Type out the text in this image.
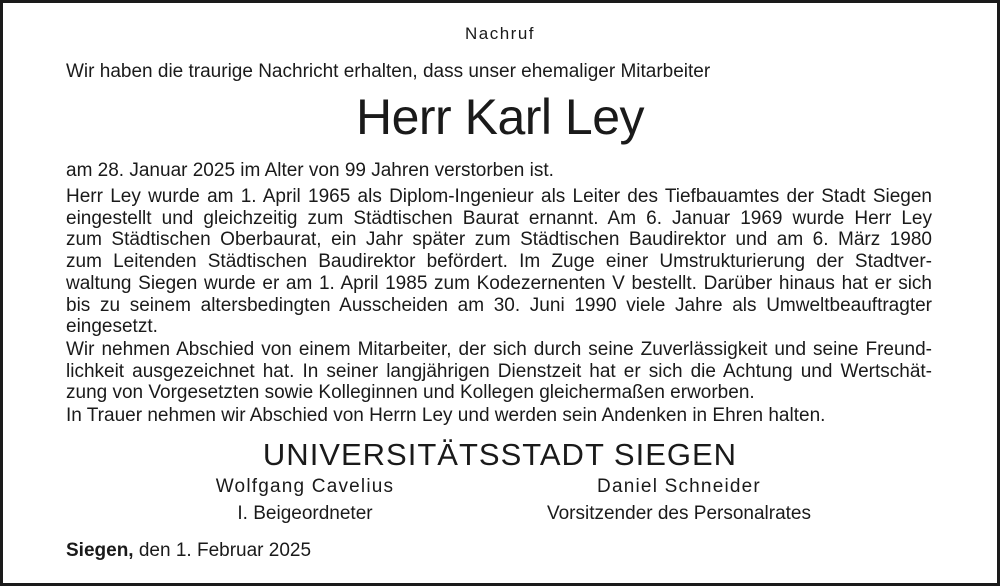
Nachruf
Wir haben die traurige Nachricht erhalten, dass unser ehemaliger Mitarbeiter
Herr Karl Ley
am 28. Januar 2025 im Alter von 99 Jahren verstorben ist.
Herr Ley wurde am 1. April 1965 als Diplom-Ingenieur als Leiter des Tiefbauamtes der Stadt Siegen
eingestellt und gleichzeitig zum Städtischen Baurat ernannt. Am 6. Januar 1969 wurde Herr Ley
zum Städtischen Oberbaurat, ein Jahr später zum Städtischen Baudirektor und am 6. März 1980
zum Leitenden Städtischen Baudirektor befördert. Im Zuge einer Umstrukturierung der Stadtver-
waltung Siegen wurde er am 1. April 1985 zum Kodezernenten V bestellt. Darüber hinaus hat er sich
bis zu seinem altersbedingten Ausscheiden am 30. Juni 1990 viele Jahre als Umweltbeauftragter
eingesetzt.
Wir nehmen Abschied von einem Mitarbeiter, der sich durch seine Zuverlässigkeit und seine Freund-
lichkeit ausgezeichnet hat. In seiner langjährigen Dienstzeit hat er sich die Achtung und Wertschät-
zung von Vorgesetzten sowie Kolleginnen und Kollegen gleichermaßen erworben.
In Trauer nehmen wir Abschied von Herrn Ley und werden sein Andenken in Ehren halten.
UNIVERSITÄTSSTADT SIEGEN
Wolfgang Cavelius
I. Beigeordneter
Daniel Schneider
Vorsitzender des Personalrates
Siegen, den 1. Februar 2025
